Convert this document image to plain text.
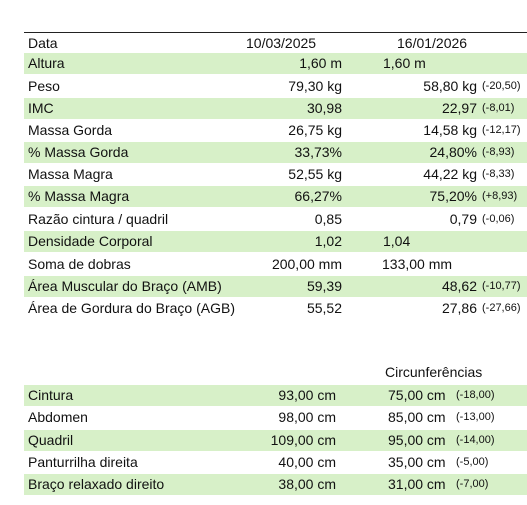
Data	10/03/2025	16/01/2026
Altura	1,60 m	1,60 m
Peso	79,30 kg	58,80 kg (-20,50)
IMC	30,98	22,97 (-8,01)
Massa Gorda	26,75 kg	14,58 kg (-12,17)
% Massa Gorda	33,73%	24,80% (-8,93)
Massa Magra	52,55 kg	44,22 kg (-8,33)
% Massa Magra	66,27%	75,20% (+8,93)
Razão cintura / quadril	0,85	0,79 (-0,06)
Densidade Corporal	1,02	1,04
Soma de dobras	200,00 mm	133,00 mm
Área Muscular do Braço (AMB)	59,39	48,62 (-10,77)
Área de Gordura do Braço (AGB)	55,52	27,86 (-27,66)
Circunferências
Cintura	93,00 cm	75,00 cm (-18,00)
Abdomen	98,00 cm	85,00 cm (-13,00)
Quadril	109,00 cm	95,00 cm (-14,00)
Panturrilha direita	40,00 cm	35,00 cm (-5,00)
Braço relaxado direito	38,00 cm	31,00 cm (-7,00)
